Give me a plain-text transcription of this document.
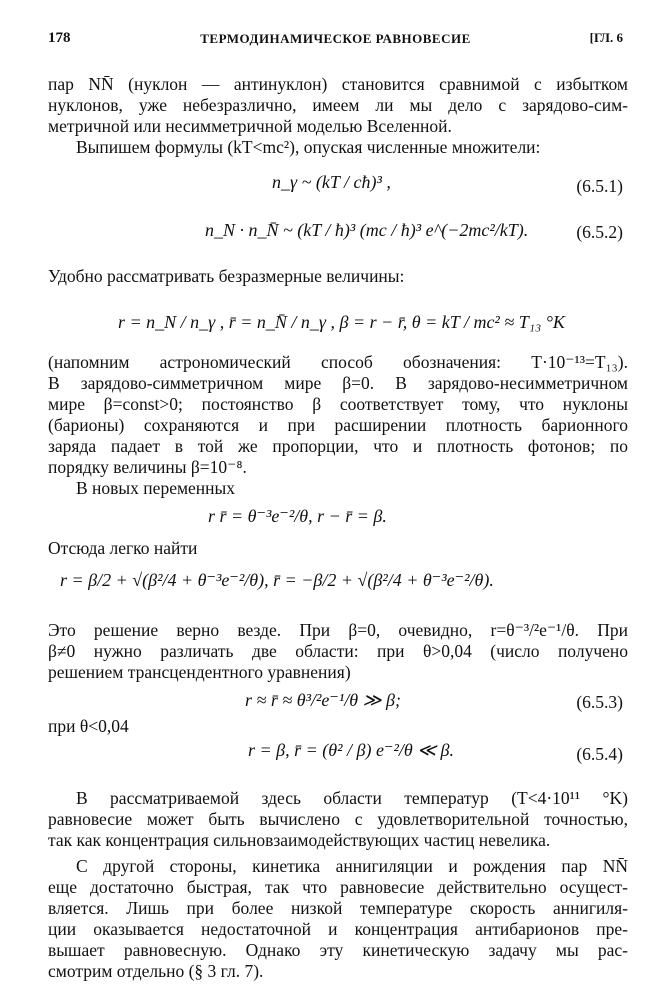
178	ТЕРМОДИНАМИЧЕСКОЕ РАВНОВЕСИЕ	[ГЛ. 6
пар NN̄ (нуклон — антинуклон) становится сравнимой с избытком
нуклонов, уже небезразлично, имеем ли мы дело с зарядово-сим-
метричной или несимметричной моделью Вселенной.
Выпишем формулы (kT<mc²), опуская численные множители:
n_γ ~ (kT / cħ)³ ,	(6.5.1)
n_N · n_N̄ ~ (kT / ħ)³ (mc / ħ)³ e^(−2mc²/kT).	(6.5.2)
Удобно рассматривать безразмерные величины:
r = n_N / n_γ , r̄ = n_N̄ / n_γ , β = r − r̄, θ = kT / mc² ≈ T₁₃ °K
(напомним астрономический способ обозначения: T·10⁻¹³=T₁₃).
В зарядово-симметричном мире β=0. В зарядово-несимметричном
мире β=const>0; постоянство β соответствует тому, что нуклоны
(барионы) сохраняются и при расширении плотность барионного
заряда падает в той же пропорции, что и плотность фотонов; по
порядку величины β=10⁻⁸.
В новых переменных
r r̄ = θ⁻³e⁻²/θ, r − r̄ = β.
Отсюда легко найти
r = β/2 + √(β²/4 + θ⁻³e⁻²/θ), r̄ = −β/2 + √(β²/4 + θ⁻³e⁻²/θ).
Это решение верно везде. При β=0, очевидно, r=θ⁻³/²e⁻¹/θ. При
β≠0 нужно различать две области: при θ>0,04 (число получено
решением трансцендентного уравнения)
r ≈ r̄ ≈ θ³/²e⁻¹/θ ≫ β;	(6.5.3)
при θ<0,04
r = β, r̄ = (θ² / β) e⁻²/θ ≪ β.	(6.5.4)
В рассматриваемой здесь области температур (T<4·10¹¹ °K)
равновесие может быть вычислено с удовлетворительной точностью,
так как концентрация сильновзаимодействующих частиц невелика.
С другой стороны, кинетика аннигиляции и рождения пар NN̄
еще достаточно быстрая, так что равновесие действительно осущест-
вляется. Лишь при более низкой температуре скорость аннигиля-
ции оказывается недостаточной и концентрация антибарионов пре-
вышает равновесную. Однако эту кинетическую задачу мы рас-
смотрим отдельно (§ 3 гл. 7).
